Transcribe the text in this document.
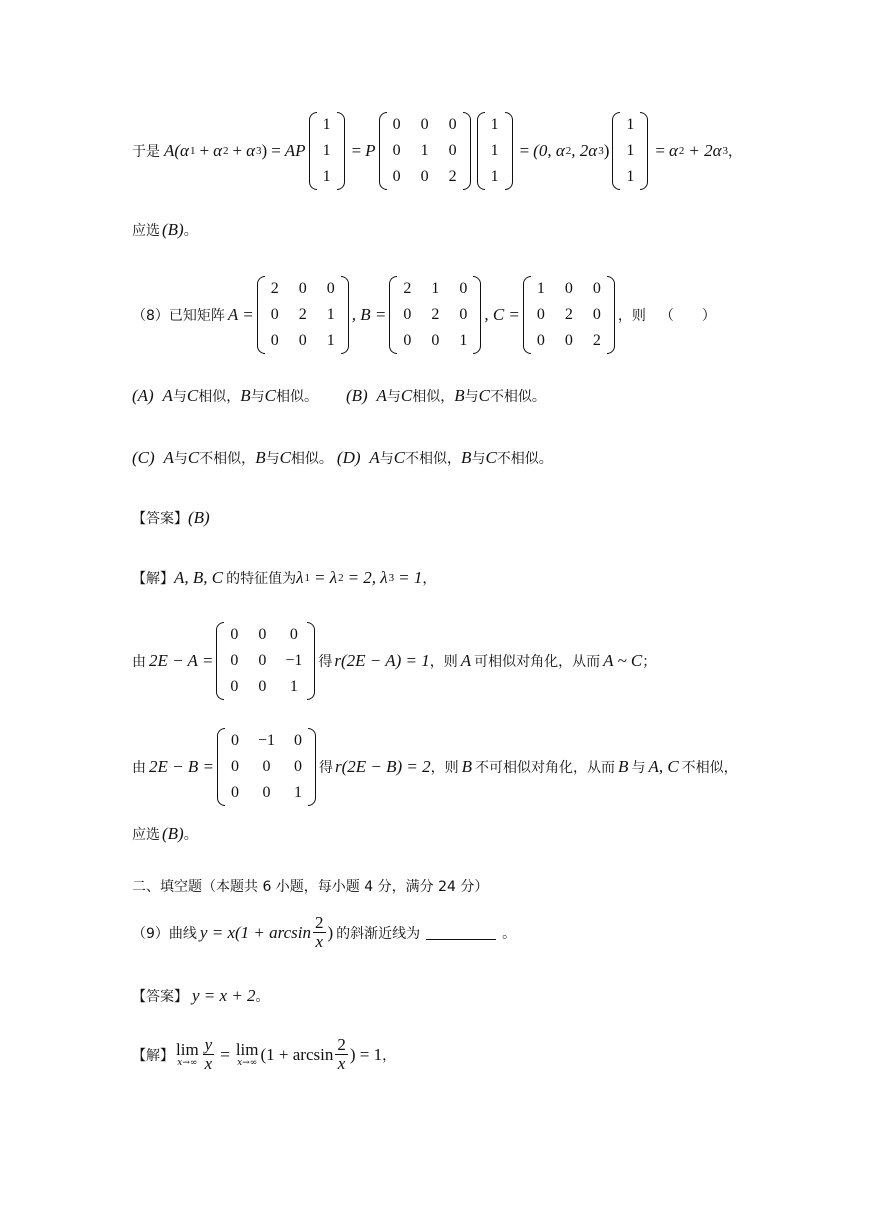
于是 A(α 1 + α 2 + α 3 ) = AP
1
1
1
= P
0 0 0
0 1 0
0 0 2
1
1
1
= (0, α 2 , 2α 3 )
1
1
1
= α 2 + 2α 3 ，
应选 (B) 。
（8）已知矩阵 A =
2 0 0
0 2 1
0 0 1
, B =
2 1 0
0 2 0
0 0 1
, C =
1 0 0
0 2 0
0 0 2
，则 （　　）
(A) A与C相似，B与C相似。 (B) A与C相似，B与C不相似。
(C) A与C不相似，B与C相似。 (D) A与C不相似，B与C不相似。
【答案】 (B)
【解】 A, B, C 的特征值为 λ 1 = λ 2 = 2, λ 3 = 1 ，
由 2E − A =
0 0 0
0 0 −1
0 0 1
得 r(2E − A) = 1 ，则 A 可相似对角化，从而 A ~ C ；
由 2E − B =
0 −1 0
0 0 0
0 0 1
得 r(2E − B) = 2 ，则 B 不可相似对角化，从而 B 与 A, C 不相似，
应选 (B) 。
二、填空题（本题共 6 小题，每小题 4 分，满分 24 分）
（9）曲线 $y = x(1 + \arcsin \frac{2}{x}$ ) 的斜渐近线为	。
【答案】 y = x + 2 。
【解】 lim
$x\to\infty \frac{y}{x} = \lim$
x→∞ ($1 + \arcsin \frac{2}{x}$ ) = 1 ，
